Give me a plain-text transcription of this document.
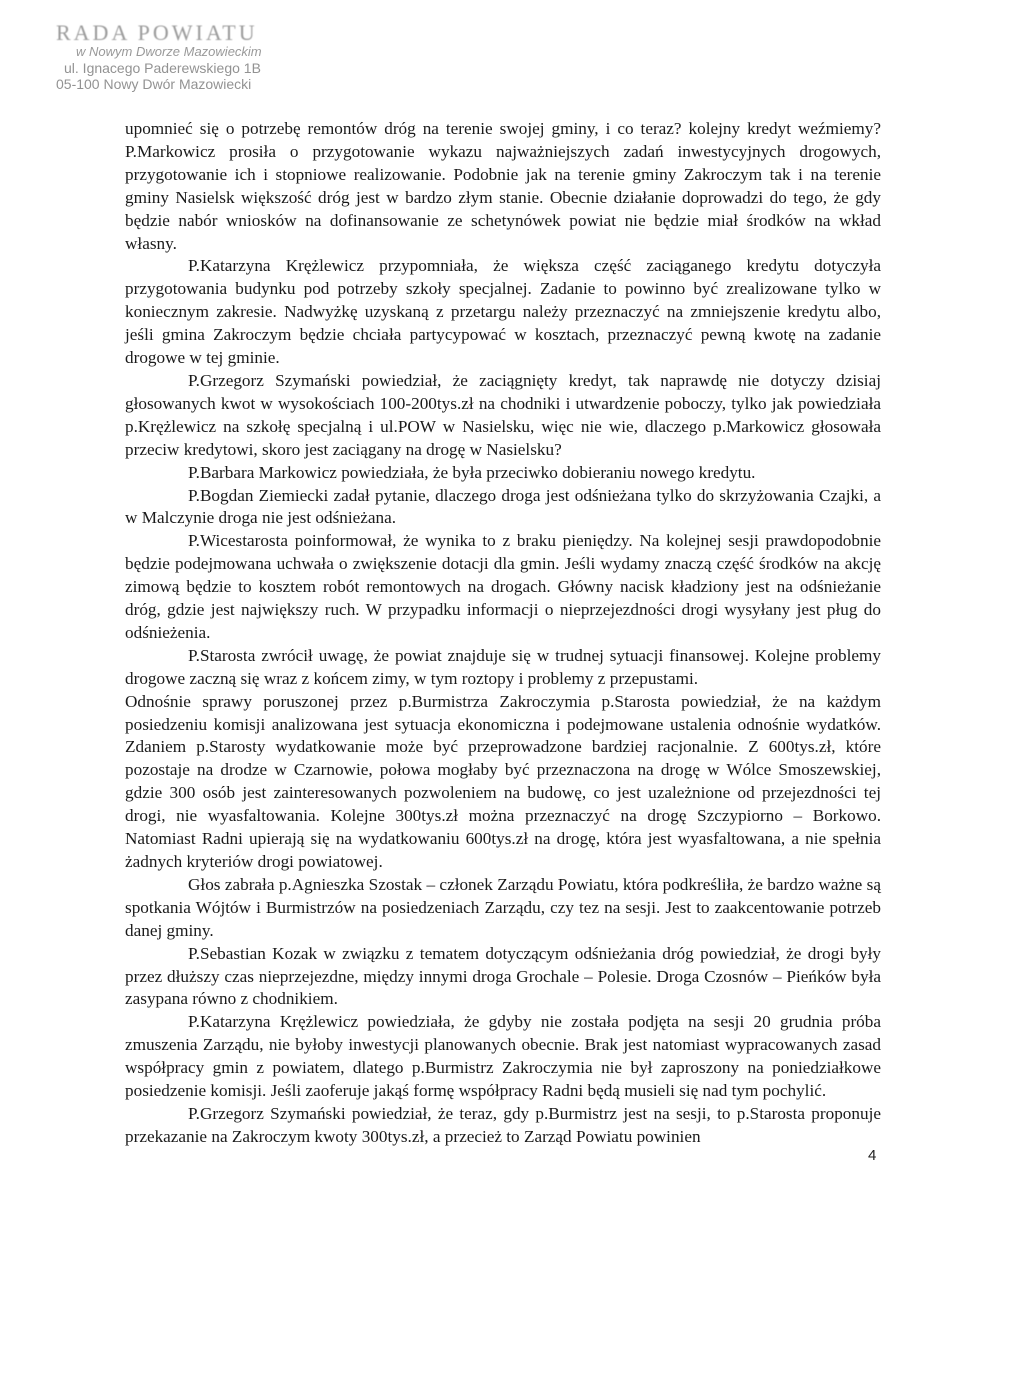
RADA POWIATU
w Nowym Dworze Mazowieckim
ul. Ignacego Paderewskiego 1B
05-100 Nowy Dwór Mazowiecki

upomnieć się o potrzebę remontów dróg na terenie swojej gminy, i co teraz? kolejny kredyt weźmiemy? P.Markowicz prosiła o przygotowanie wykazu najważniejszych zadań inwestycyjnych drogowych, przygotowanie ich i stopniowe realizowanie. Podobnie jak na terenie gminy Zakroczym tak i na terenie gminy Nasielsk większość dróg jest w bardzo złym stanie. Obecnie działanie doprowadzi do tego, że gdy będzie nabór wniosków na dofinansowanie ze schetynówek powiat nie będzie miał środków na wkład własny.

P.Katarzyna Krężlewicz przypomniała, że większa część zaciąganego kredytu dotyczyła przygotowania budynku pod potrzeby szkoły specjalnej. Zadanie to powinno być zrealizowane tylko w koniecznym zakresie. Nadwyżkę uzyskaną z przetargu należy przeznaczyć na zmniejszenie kredytu albo, jeśli gmina Zakroczym będzie chciała partycypować w kosztach, przeznaczyć pewną kwotę na zadanie drogowe w tej gminie.

P.Grzegorz Szymański powiedział, że zaciągnięty kredyt, tak naprawdę nie dotyczy dzisiaj głosowanych kwot w wysokościach 100-200tys.zł na chodniki i utwardzenie poboczy, tylko jak powiedziała p.Krężlewicz na szkołę specjalną i ul.POW w Nasielsku, więc nie wie, dlaczego p.Markowicz głosowała przeciw kredytowi, skoro jest zaciągany na drogę w Nasielsku?

P.Barbara Markowicz powiedziała, że była przeciwko dobieraniu nowego kredytu.

P.Bogdan Ziemiecki zadał pytanie, dlaczego droga jest odśnieżana tylko do skrzyżowania Czajki, a w Malczynie droga nie jest odśnieżana.

P.Wicestarosta poinformował, że wynika to z braku pieniędzy. Na kolejnej sesji prawdopodobnie będzie podejmowana uchwała o zwiększenie dotacji dla gmin. Jeśli wydamy znaczą część środków na akcję zimową będzie to kosztem robót remontowych na drogach. Główny nacisk kładziony jest na odśnieżanie dróg, gdzie jest największy ruch. W przypadku informacji o nieprzejezdności drogi wysyłany jest pług do odśnieżenia.

P.Starosta zwrócił uwagę, że powiat znajduje się w trudnej sytuacji finansowej. Kolejne problemy drogowe zaczną się wraz z końcem zimy, w tym roztopy i problemy z przepustami.

Odnośnie sprawy poruszonej przez p.Burmistrza Zakroczymia p.Starosta powiedział, że na każdym posiedzeniu komisji analizowana jest sytuacja ekonomiczna i podejmowane ustalenia odnośnie wydatków. Zdaniem p.Starosty wydatkowanie może być przeprowadzone bardziej racjonalnie. Z 600tys.zł, które pozostaje na drodze w Czarnowie, połowa mogłaby być przeznaczona na drogę w Wólce Smoszewskiej, gdzie 300 osób jest zainteresowanych pozwoleniem na budowę, co jest uzależnione od przejezdności tej drogi, nie wyasfaltowania. Kolejne 300tys.zł można przeznaczyć na drogę Szczypiorno – Borkowo. Natomiast Radni upierają się na wydatkowaniu 600tys.zł na drogę, która jest wyasfaltowana, a nie spełnia żadnych kryteriów drogi powiatowej.

Głos zabrała p.Agnieszka Szostak – członek Zarządu Powiatu, która podkreśliła, że bardzo ważne są spotkania Wójtów i Burmistrzów na posiedzeniach Zarządu, czy tez na sesji. Jest to zaakcentowanie potrzeb danej gminy.

P.Sebastian Kozak w związku z tematem dotyczącym odśnieżania dróg powiedział, że drogi były przez dłuższy czas nieprzejezdne, między innymi droga Grochale – Polesie. Droga Czosnów – Pieńków była zasypana równo z chodnikiem.

P.Katarzyna Krężlewicz powiedziała, że gdyby nie została podjęta na sesji 20 grudnia próba zmuszenia Zarządu, nie byłoby inwestycji planowanych obecnie. Brak jest natomiast wypracowanych zasad współpracy gmin z powiatem, dlatego p.Burmistrz Zakroczymia nie był zaproszony na poniedziałkowe posiedzenie komisji. Jeśli zaoferuje jakąś formę współpracy Radni będą musieli się nad tym pochylić.

P.Grzegorz Szymański powiedział, że teraz, gdy p.Burmistrz jest na sesji, to p.Starosta proponuje przekazanie na Zakroczym kwoty 300tys.zł, a przecież to Zarząd Powiatu powinien

4
